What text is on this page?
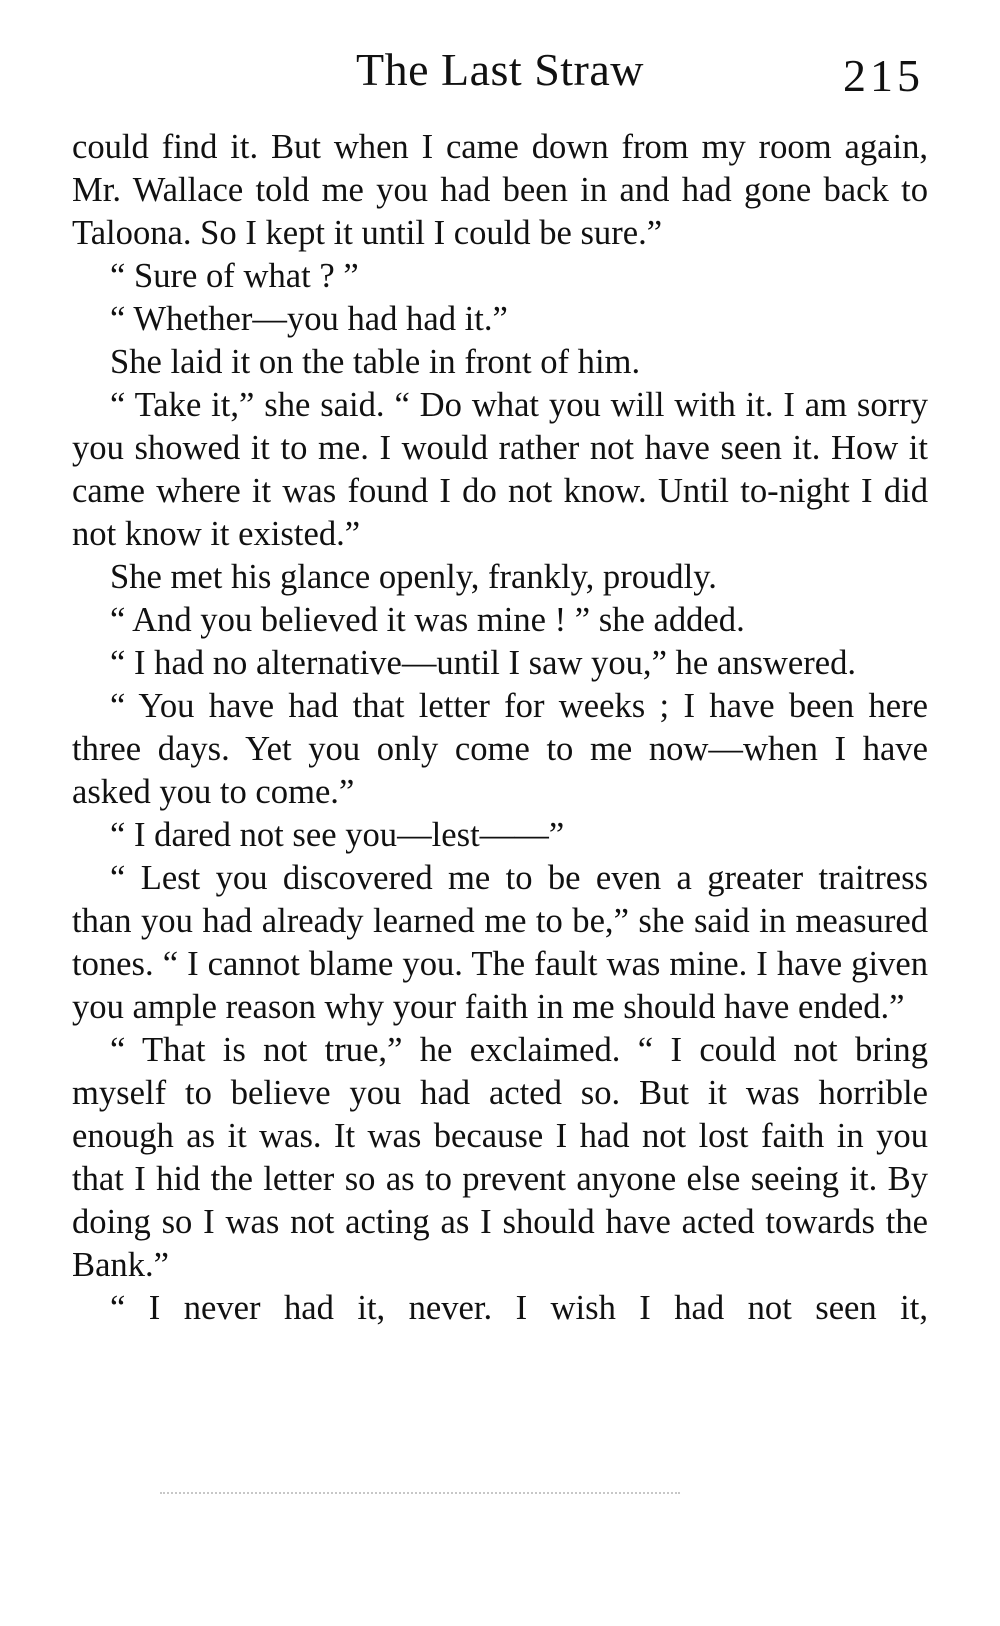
The Last Straw	215

could find it. But when I came down from my room again, Mr. Wallace told me you had been in and had gone back to Taloona. So I kept it until I could be sure.”

“ Sure of what ? ”

“ Whether—you had had it.”

She laid it on the table in front of him.

“ Take it,” she said. “ Do what you will with it. I am sorry you showed it to me. I would rather not have seen it. How it came where it was found I do not know. Until to-night I did not know it existed.”

She met his glance openly, frankly, proudly.

“ And you believed it was mine ! ” she added.

“ I had no alternative—until I saw you,” he answered.

“ You have had that letter for weeks ; I have been here three days. Yet you only come to me now—when I have asked you to come.”

“ I dared not see you—lest——”

“ Lest you discovered me to be even a greater traitress than you had already learned me to be,” she said in measured tones. “ I cannot blame you. The fault was mine. I have given you ample reason why your faith in me should have ended.”

“ That is not true,” he exclaimed. “ I could not bring myself to believe you had acted so. But it was horrible enough as it was. It was because I had not lost faith in you that I hid the letter so as to prevent anyone else seeing it. By doing so I was not acting as I should have acted towards the Bank.”

“ I never had it, never. I wish I had not seen it,
